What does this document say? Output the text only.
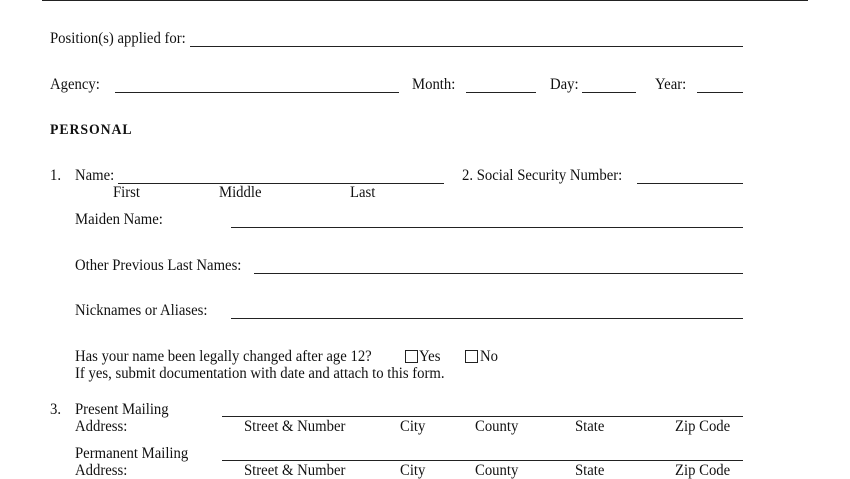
Position(s) applied for:
Agency:	Month:	Day:	Year:
PERSONAL
1. Name:	2. Social Security Number:
First	Middle	Last
Maiden Name:
Other Previous Last Names:
Nicknames or Aliases:
Has your name been legally changed after age 12?	Yes No
If yes, submit documentation with date and attach to this form.
3. Present Mailing
Address:	Street & Number	City	County	State	Zip Code
Permanent Mailing
Address:	Street & Number	City	County	State	Zip Code
